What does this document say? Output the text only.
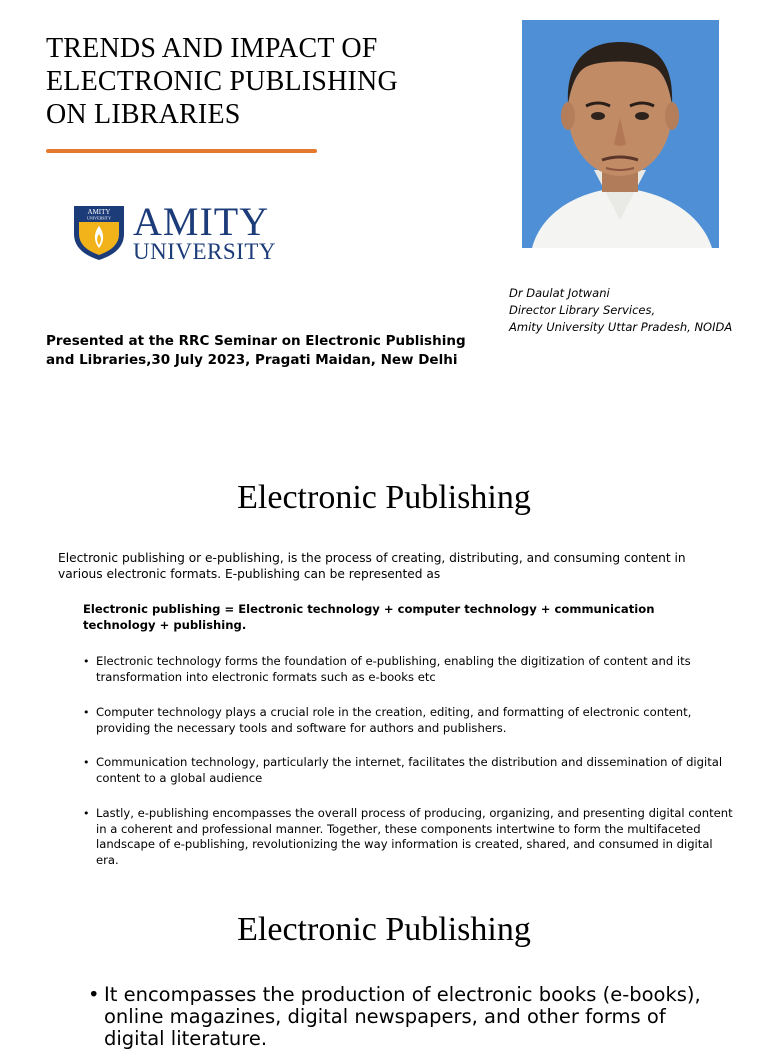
TRENDS AND IMPACT OF
ELECTRONIC PUBLISHING
ON LIBRARIES
AMITY
UNIVERSITY AMITY
UNIVERSITY
Dr Daulat Jotwani
Director Library Services,
Amity University Uttar Pradesh, NOIDA
Presented at the RRC Seminar on Electronic Publishing and Libraries,30 July 2023, Pragati Maidan, New Delhi
Electronic Publishing
Electronic publishing or e-publishing, is the process of creating, distributing, and consuming content in various electronic formats. E-publishing can be represented as
Electronic publishing = Electronic technology + computer technology + communication technology + publishing.
• Electronic technology forms the foundation of e-publishing, enabling the digitization of content and its transformation into electronic formats such as e-books etc
• Computer technology plays a crucial role in the creation, editing, and formatting of electronic content, providing the necessary tools and software for authors and publishers.
• Communication technology, particularly the internet, facilitates the distribution and dissemination of digital content to a global audience
• Lastly, e-publishing encompasses the overall process of producing, organizing, and presenting digital content in a coherent and professional manner. Together, these components intertwine to form the multifaceted landscape of e-publishing, revolutionizing the way information is created, shared, and consumed in digital era.
Electronic Publishing
• It encompasses the production of electronic books (e-books), online magazines, digital newspapers, and other forms of digital literature.
